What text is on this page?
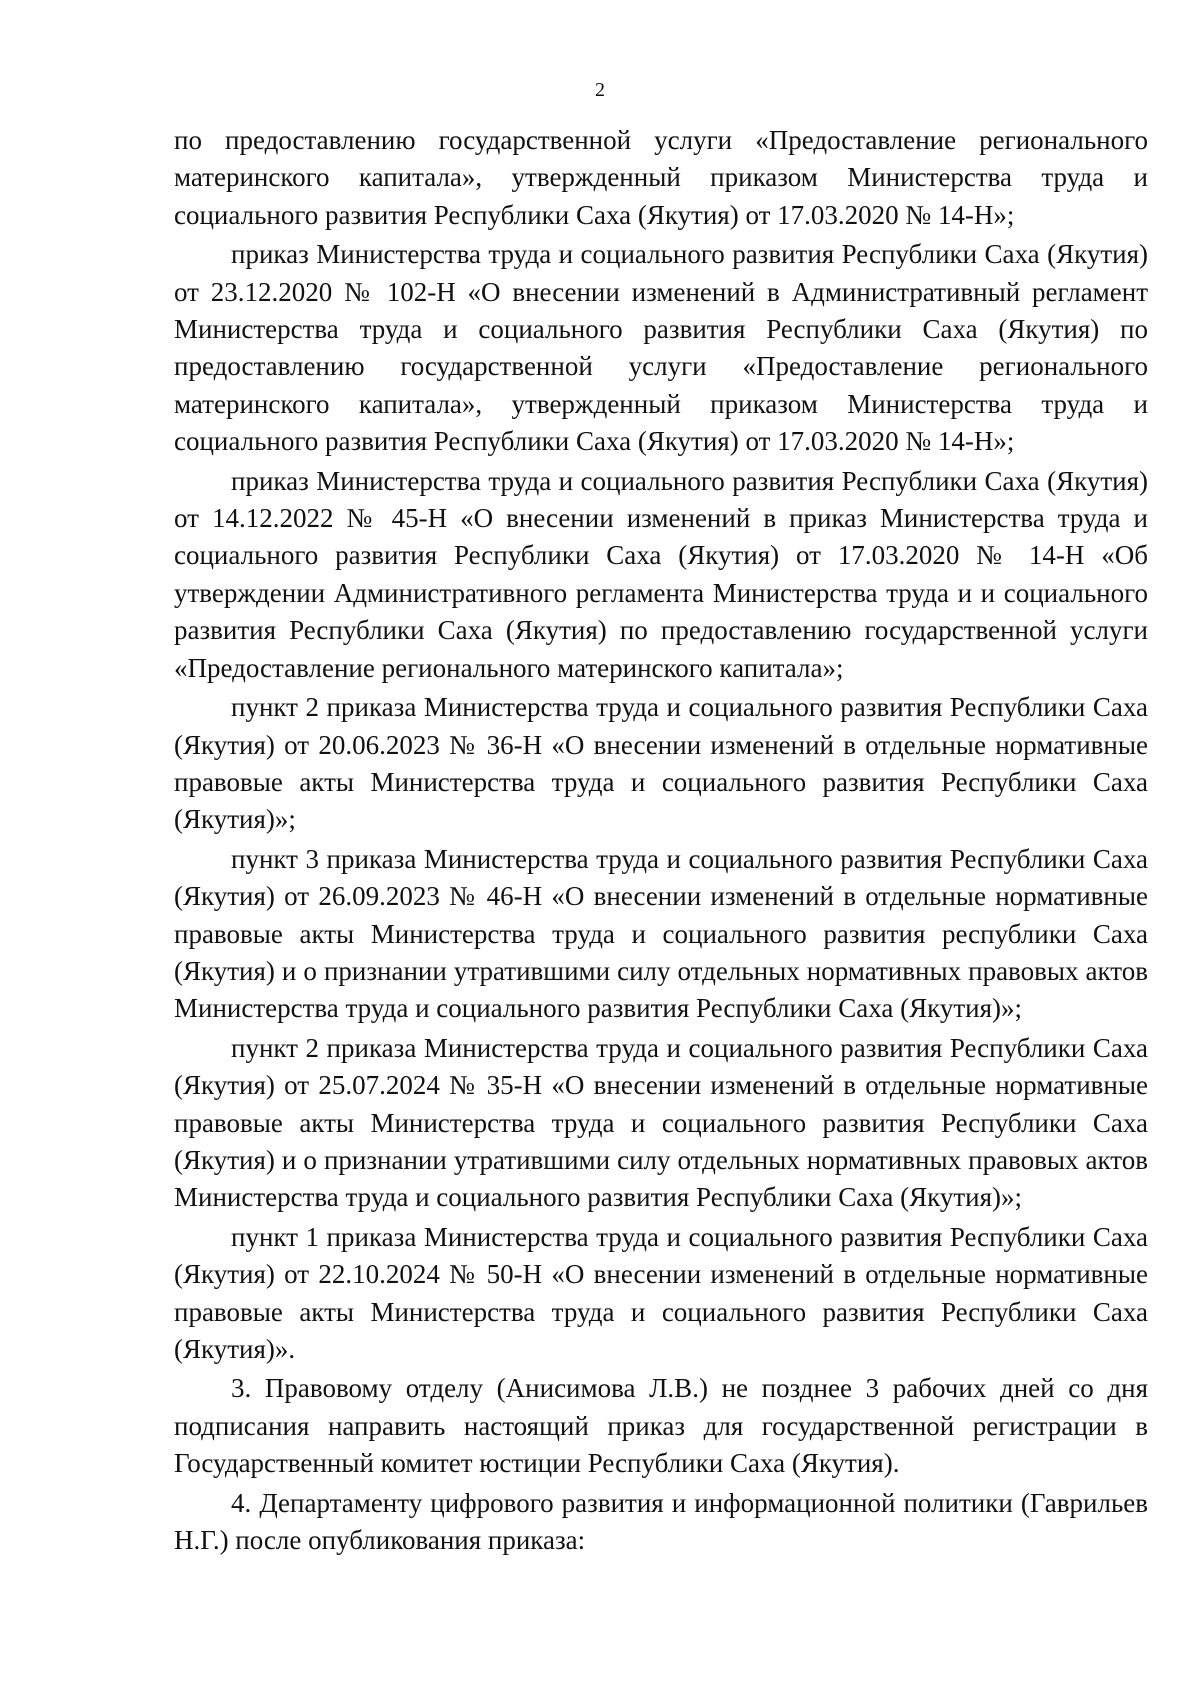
2

по предоставлению государственной услуги «Предоставление регионального материнского капитала», утвержденный приказом Министерства труда и социального развития Республики Саха (Якутия) от 17.03.2020 № 14-Н»;

приказ Министерства труда и социального развития Республики Саха (Якутия) от 23.12.2020 № 102-Н «О внесении изменений в Административный регламент Министерства труда и социального развития Республики Саха (Якутия) по предоставлению государственной услуги «Предоставление регионального материнского капитала», утвержденный приказом Министерства труда и социального развития Республики Саха (Якутия) от 17.03.2020 № 14-Н»;

приказ Министерства труда и социального развития Республики Саха (Якутия) от 14.12.2022 № 45-Н «О внесении изменений в приказ Министерства труда и социального развития Республики Саха (Якутия) от 17.03.2020 № 14-Н «Об утверждении Административного регламента Министерства труда и и социального развития Республики Саха (Якутия) по предоставлению государственной услуги «Предоставление регионального материнского капитала»;

пункт 2 приказа Министерства труда и социального развития Республики Саха (Якутия) от 20.06.2023 № 36-Н «О внесении изменений в отдельные нормативные правовые акты Министерства труда и социального развития Республики Саха (Якутия)»;

пункт 3 приказа Министерства труда и социального развития Республики Саха (Якутия) от 26.09.2023 № 46-Н «О внесении изменений в отдельные нормативные правовые акты Министерства труда и социального развития республики Саха (Якутия) и о признании утратившими силу отдельных нормативных правовых актов Министерства труда и социального развития Республики Саха (Якутия)»;

пункт 2 приказа Министерства труда и социального развития Республики Саха (Якутия) от 25.07.2024 № 35-Н «О внесении изменений в отдельные нормативные правовые акты Министерства труда и социального развития Республики Саха (Якутия) и о признании утратившими силу отдельных нормативных правовых актов Министерства труда и социального развития Республики Саха (Якутия)»;

пункт 1 приказа Министерства труда и социального развития Республики Саха (Якутия) от 22.10.2024 № 50-Н «О внесении изменений в отдельные нормативные правовые акты Министерства труда и социального развития Республики Саха (Якутия)».

3. Правовому отделу (Анисимова Л.В.) не позднее 3 рабочих дней со дня подписания направить настоящий приказ для государственной регистрации в Государственный комитет юстиции Республики Саха (Якутия).

4. Департаменту цифрового развития и информационной политики (Гаврильев Н.Г.) после опубликования приказа:
